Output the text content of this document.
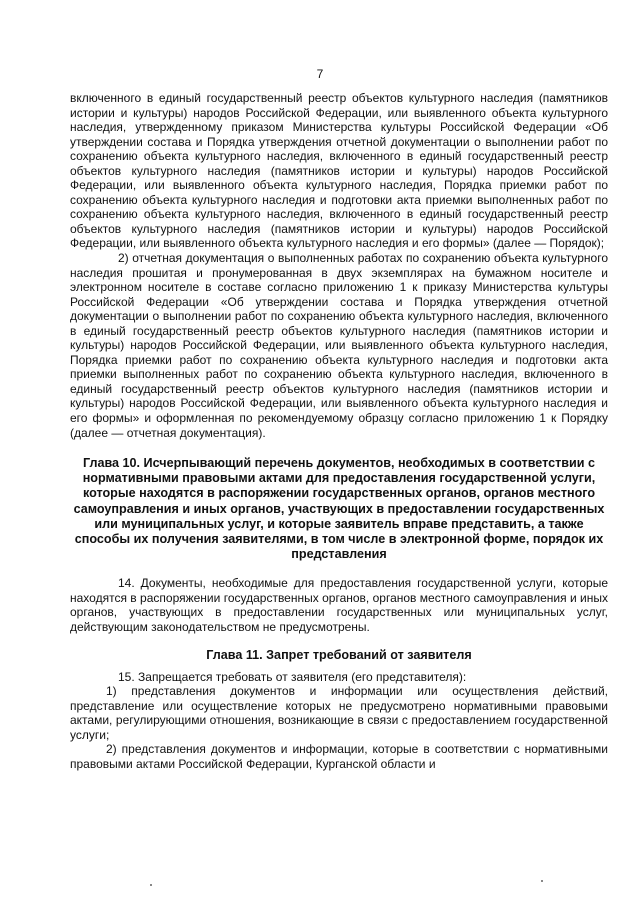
7

включенного в единый государственный реестр объектов культурного наследия (памятников истории и культуры) народов Российской Федерации, или выявленного объекта культурного наследия, утвержденному приказом Министерства культуры Российской Федерации «Об утверждении состава и Порядка утверждения отчетной документации о выполнении работ по сохранению объекта культурного наследия, включенного в единый государственный реестр объектов культурного наследия (памятников истории и культуры) народов Российской Федерации, или выявленного объекта культурного наследия, Порядка приемки работ по сохранению объекта культурного наследия и подготовки акта приемки выполненных работ по сохранению объекта культурного наследия, включенного в единый государственный реестр объектов культурного наследия (памятников истории и культуры) народов Российской Федерации, или выявленного объекта культурного наследия и его формы» (далее — Порядок);

2) отчетная документация о выполненных работах по сохранению объекта культурного наследия прошитая и пронумерованная в двух экземплярах на бумажном носителе и электронном носителе в составе согласно приложению 1 к приказу Министерства культуры Российской Федерации «Об утверждении состава и Порядка утверждения отчетной документации о выполнении работ по сохранению объекта культурного наследия, включенного в единый государственный реестр объектов культурного наследия (памятников истории и культуры) народов Российской Федерации, или выявленного объекта культурного наследия, Порядка приемки работ по сохранению объекта культурного наследия и подготовки акта приемки выполненных работ по сохранению объекта культурного наследия, включенного в единый государственный реестр объектов культурного наследия (памятников истории и культуры) народов Российской Федерации, или выявленного объекта культурного наследия и его формы» и оформленная по рекомендуемому образцу согласно приложению 1 к Порядку (далее — отчетная документация).

Глава 10. Исчерпывающий перечень документов, необходимых в соответствии с нормативными правовыми актами для предоставления государственной услуги, которые находятся в распоряжении государственных органов, органов местного самоуправления и иных органов, участвующих в предоставлении государственных или муниципальных услуг, и которые заявитель вправе представить, а также способы их получения заявителями, в том числе в электронной форме, порядок их представления

14. Документы, необходимые для предоставления государственной услуги, которые находятся в распоряжении государственных органов, органов местного самоуправления и иных органов, участвующих в предоставлении государственных или муниципальных услуг, действующим законодательством не предусмотрены.

Глава 11. Запрет требований от заявителя

15. Запрещается требовать от заявителя (его представителя):

1) представления документов и информации или осуществления действий, представление или осуществление которых не предусмотрено нормативными правовыми актами, регулирующими отношения, возникающие в связи с предоставлением государственной услуги;

2) представления документов и информации, которые в соответствии с нормативными правовыми актами Российской Федерации, Курганской области и
